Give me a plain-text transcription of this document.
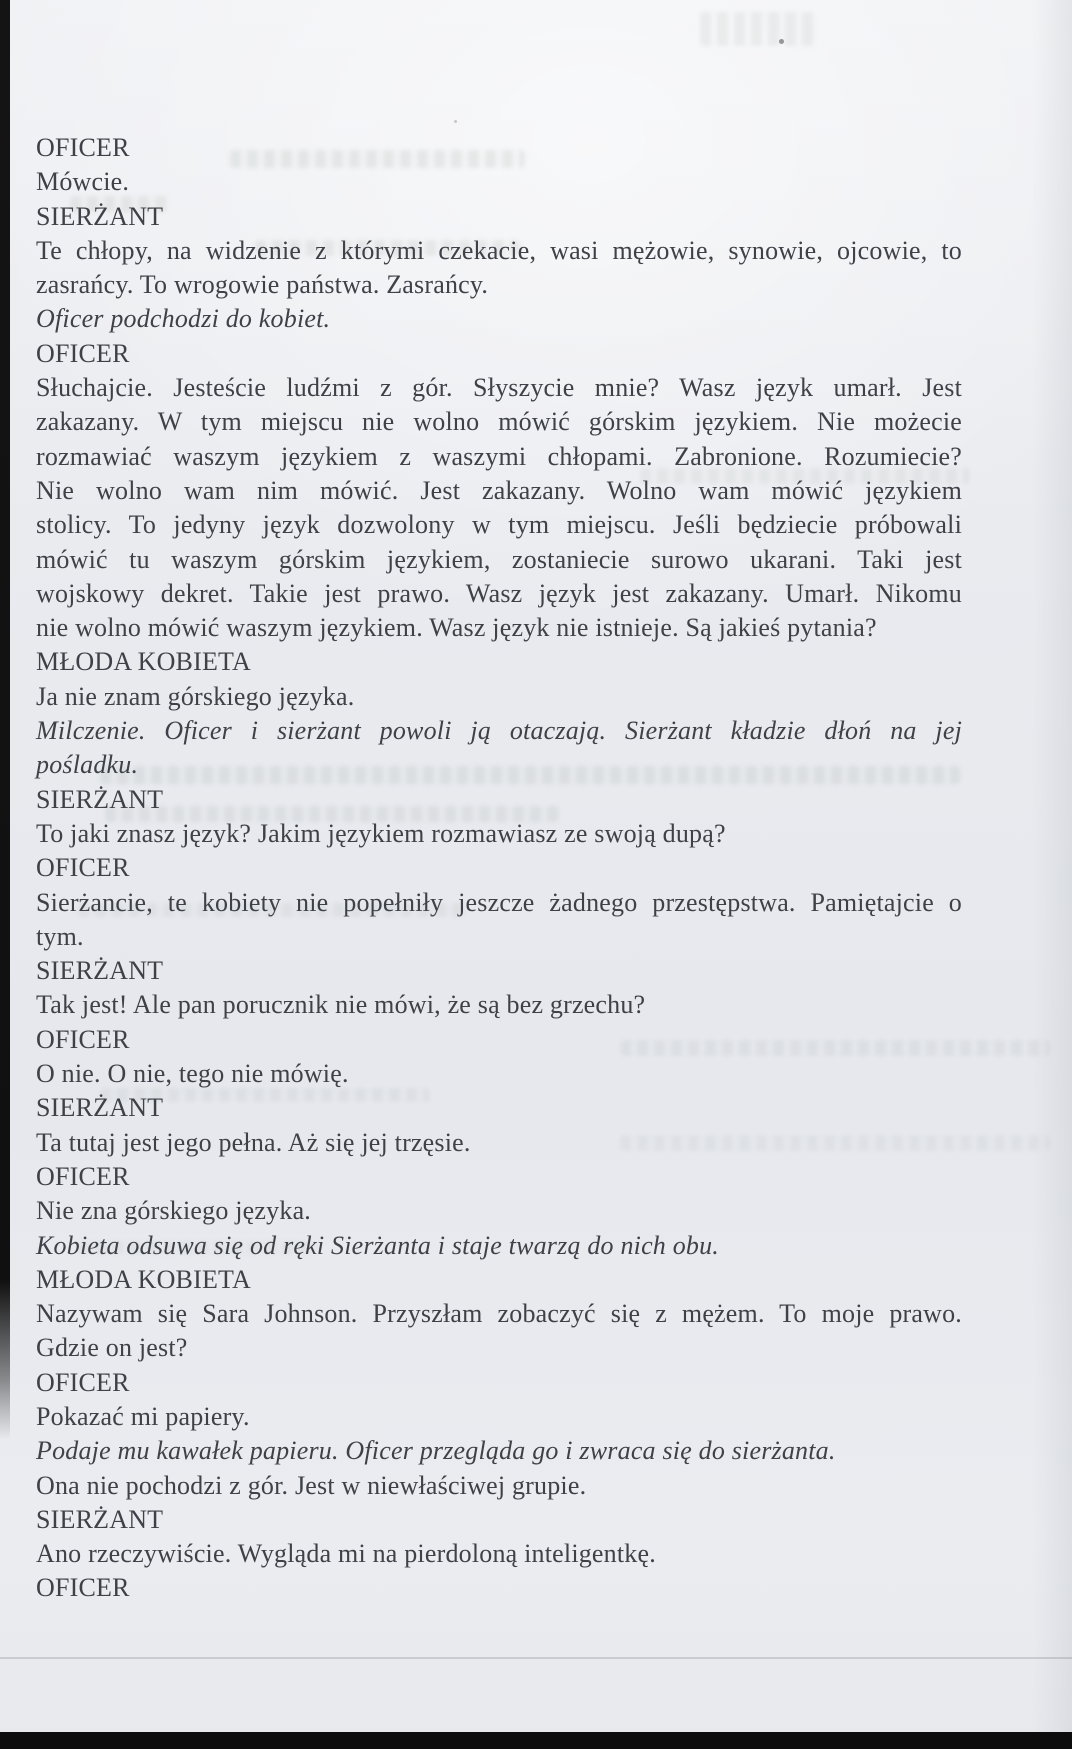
OFICER
Mówcie.
SIERŻANT
Te chłopy, na widzenie z którymi czekacie, wasi mężowie, synowie, ojcowie, to
zasrańcy. To wrogowie państwa. Zasrańcy.
Oficer podchodzi do kobiet.
OFICER
Słuchajcie. Jesteście ludźmi z gór. Słyszycie mnie? Wasz język umarł. Jest
zakazany. W tym miejscu nie wolno mówić górskim językiem. Nie możecie
rozmawiać waszym językiem z waszymi chłopami. Zabronione. Rozumiecie?
Nie wolno wam nim mówić. Jest zakazany. Wolno wam mówić językiem
stolicy. To jedyny język dozwolony w tym miejscu. Jeśli będziecie próbowali
mówić tu waszym górskim językiem, zostaniecie surowo ukarani. Taki jest
wojskowy dekret. Takie jest prawo. Wasz język jest zakazany. Umarł. Nikomu
nie wolno mówić waszym językiem. Wasz język nie istnieje. Są jakieś pytania?
MŁODA KOBIETA
Ja nie znam górskiego języka.
Milczenie. Oficer i sierżant powoli ją otaczają. Sierżant kładzie dłoń na jej
pośladku.
SIERŻANT
To jaki znasz język? Jakim językiem rozmawiasz ze swoją dupą?
OFICER
Sierżancie, te kobiety nie popełniły jeszcze żadnego przestępstwa. Pamiętajcie o
tym.
SIERŻANT
Tak jest! Ale pan porucznik nie mówi, że są bez grzechu?
OFICER
O nie. O nie, tego nie mówię.
SIERŻANT
Ta tutaj jest jego pełna. Aż się jej trzęsie.
OFICER
Nie zna górskiego języka.
Kobieta odsuwa się od ręki Sierżanta i staje twarzą do nich obu.
MŁODA KOBIETA
Nazywam się Sara Johnson. Przyszłam zobaczyć się z mężem. To moje prawo.
Gdzie on jest?
OFICER
Pokazać mi papiery.
Podaje mu kawałek papieru. Oficer przegląda go i zwraca się do sierżanta.
Ona nie pochodzi z gór. Jest w niewłaściwej grupie.
SIERŻANT
Ano rzeczywiście. Wygląda mi na pierdoloną inteligentkę.
OFICER
